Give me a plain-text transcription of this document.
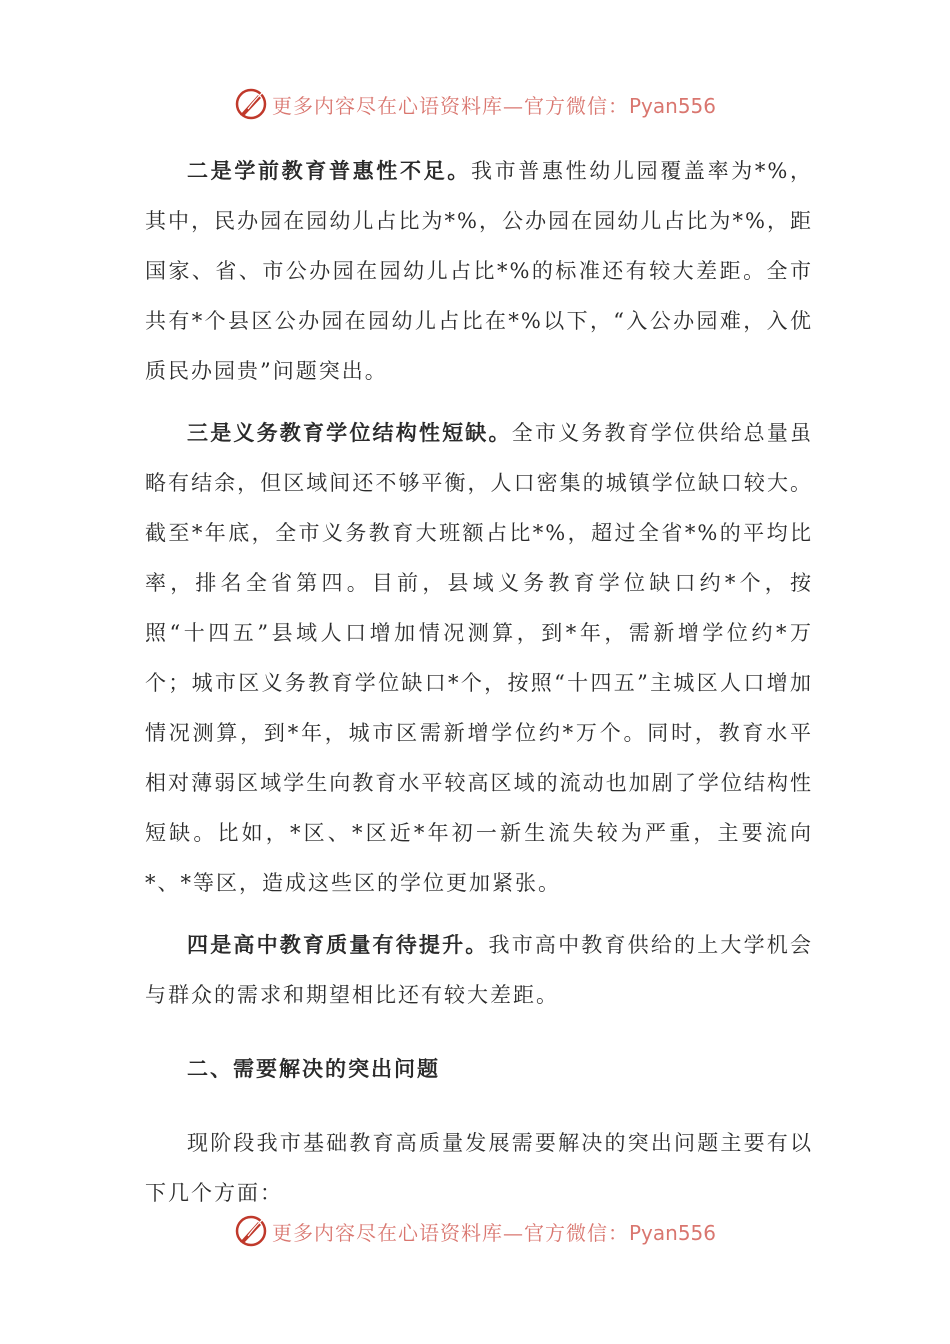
更多内容尽在心语资料库—官方微信：Pyan556

二是学前教育普惠性不足。我市普惠性幼儿园覆盖率为*%，其中，民办园在园幼儿占比为*%，公办园在园幼儿占比为*%，距国家、省、市公办园在园幼儿占比*%的标准还有较大差距。全市共有*个县区公办园在园幼儿占比在*%以下，“入公办园难，入优质民办园贵”问题突出。

三是义务教育学位结构性短缺。全市义务教育学位供给总量虽略有结余，但区域间还不够平衡，人口密集的城镇学位缺口较大。截至*年底，全市义务教育大班额占比*%，超过全省*%的平均比率，排名全省第四。目前，县域义务教育学位缺口约*个，按照“十四五”县域人口增加情况测算，到*年，需新增学位约*万个；城市区义务教育学位缺口*个，按照“十四五”主城区人口增加情况测算，到*年，城市区需新增学位约*万个。同时，教育水平相对薄弱区域学生向教育水平较高区域的流动也加剧了学位结构性短缺。比如，*区、*区近*年初一新生流失较为严重，主要流向*、*等区，造成这些区的学位更加紧张。

四是高中教育质量有待提升。我市高中教育供给的上大学机会与群众的需求和期望相比还有较大差距。

二、需要解决的突出问题

现阶段我市基础教育高质量发展需要解决的突出问题主要有以下几个方面：

更多内容尽在心语资料库—官方微信：Pyan556
